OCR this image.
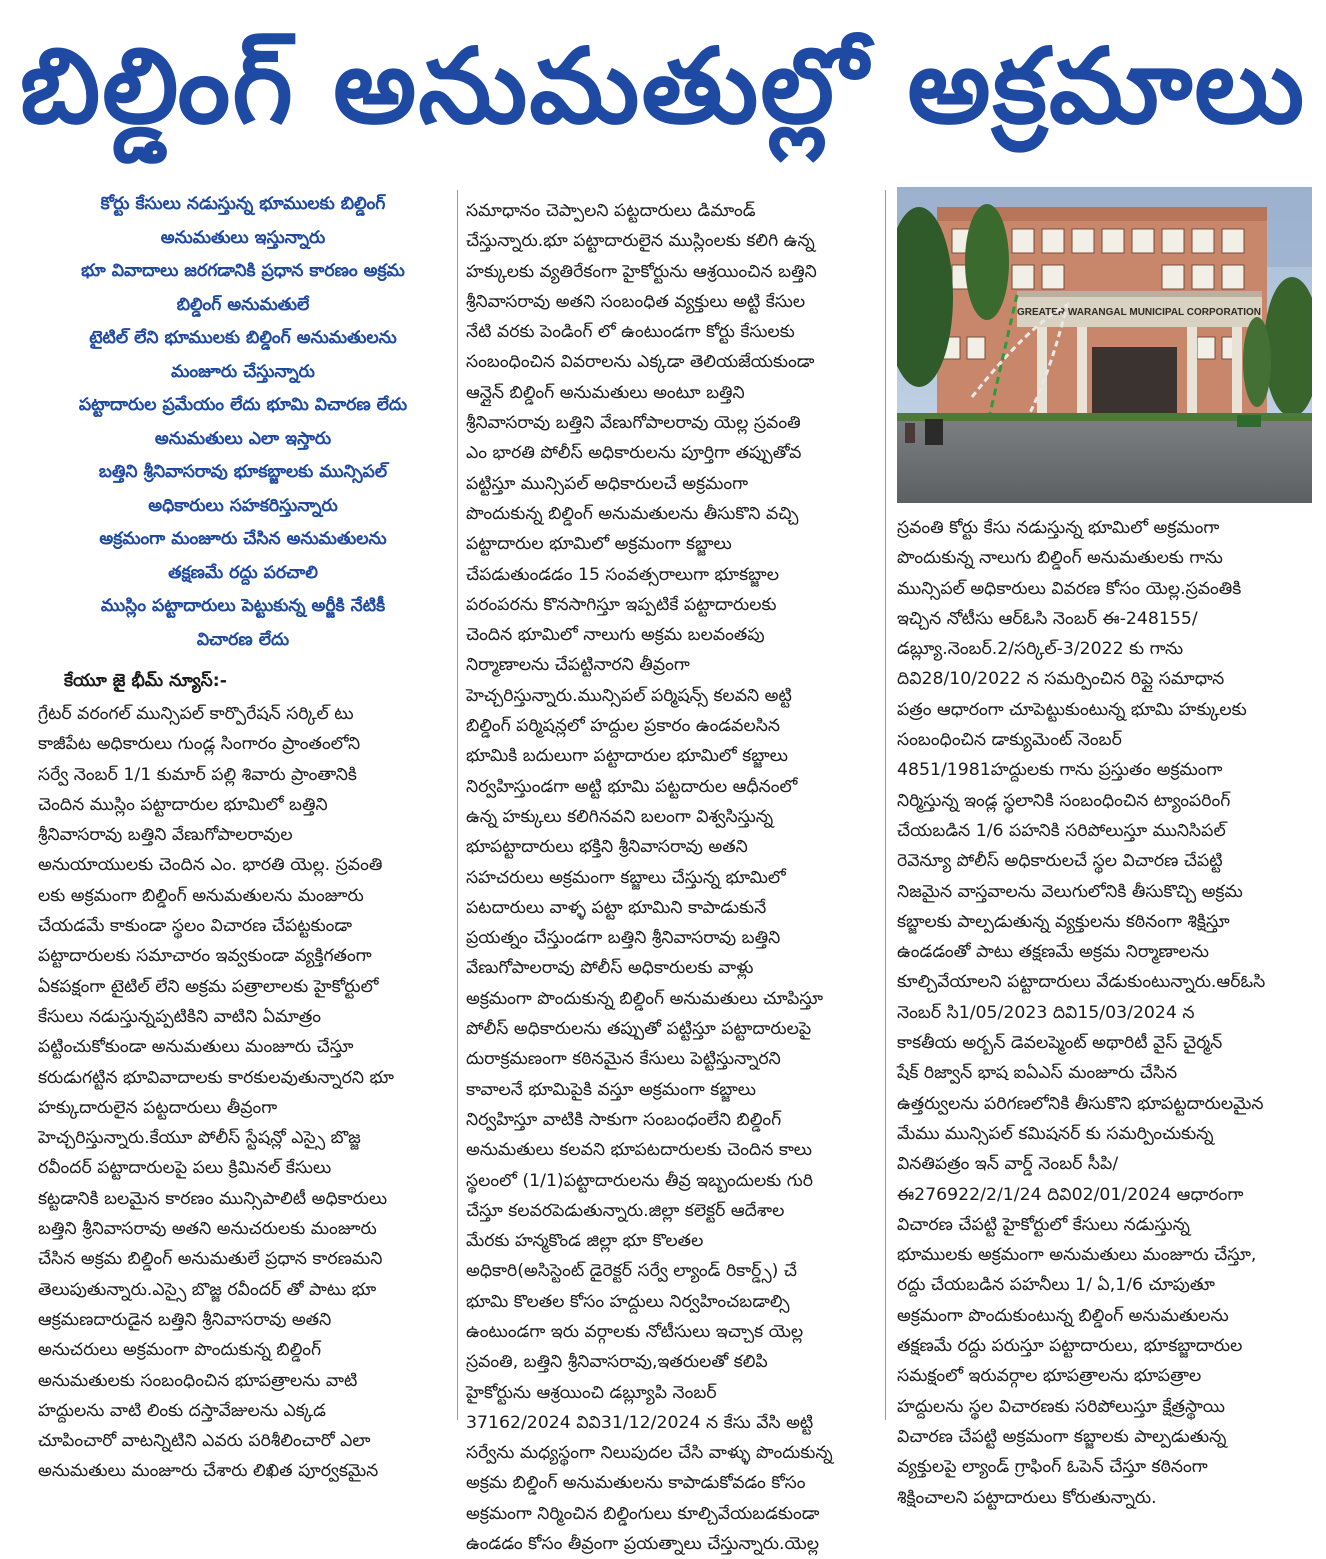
బిల్డింగ్ అనుమతుల్లో అక్రమాలు
కోర్టు కేసులు నడుస్తున్న భూములకు బిల్డింగ్
అనుమతులు ఇస్తున్నారు
భూ వివాదాలు జరగడానికి ప్రధాన కారణం అక్రమ
బిల్డింగ్ అనుమతులే
టైటిల్ లేని భూములకు బిల్డింగ్ అనుమతులను
మంజూరు చేస్తున్నారు
పట్టాదారుల ప్రమేయం లేదు భూమి విచారణ లేదు
అనుమతులు ఎలా ఇస్తారు
బత్తిని శ్రీనివాసరావు భూకబ్జాలకు మున్సిపల్
అధికారులు సహకరిస్తున్నారు
అక్రమంగా మంజూరు చేసిన అనుమతులను
తక్షణమే రద్దు పరచాలి
ముస్లిం పట్టాదారులు పెట్టుకున్న అర్జీకి నేటికీ
విచారణ లేదు
కేయూ జై భీమ్ న్యూస్:-

గ్రేటర్ వరంగల్ మున్సిపల్ కార్పొరేషన్ సర్కిల్ టు
కాజీపేట అధికారులు గుండ్ల సింగారం ప్రాంతంలోని
సర్వే నెంబర్ 1/1 కుమార్ పల్లి శివారు ప్రాంతానికి
చెందిన ముస్లిం పట్టాదారుల భూమిలో బత్తిని
శ్రీనివాసరావు బత్తిని వేణుగోపాలరావుల
అనుయాయులకు చెందిన ఎం. భారతి యెల్ల. స్రవంతి
లకు అక్రమంగా బిల్డింగ్ అనుమతులను మంజూరు
చేయడమే కాకుండా స్థలం విచారణ చేపట్టకుండా
పట్టాదారులకు సమాచారం ఇవ్వకుండా వ్యక్తిగతంగా
ఏకపక్షంగా టైటిల్ లేని అక్రమ పత్రాలాలకు హైకోర్టులో
కేసులు నడుస్తున్నప్పటికిని వాటిని ఏమాత్రం
పట్టించుకోకుండా అనుమతులు మంజూరు చేస్తూ
కరుడుగట్టిన భూవివాదాలకు కారకులవుతున్నారని భూ
హక్కుదారులైన పట్టదారులు తీవ్రంగా
హెచ్చరిస్తున్నారు.కేయూ పోలీస్ స్టేషన్లో ఎస్సై బొజ్జ
రవీందర్ పట్టాదారులపై పలు క్రిమినల్ కేసులు
కట్టడానికి బలమైన కారణం మున్సిపాలిటీ అధికారులు
బత్తిని శ్రీనివాసరావు అతని అనుచరులకు మంజూరు
చేసిన అక్రమ బిల్డింగ్ అనుమతులే ప్రధాన కారణమని
తెలుపుతున్నారు.ఎస్సై బొజ్జ రవీందర్ తో పాటు భూ
ఆక్రమణదారుడైన బత్తిని శ్రీనివాసరావు అతని
అనుచరులు అక్రమంగా పొందుకున్న బిల్డింగ్
అనుమతులకు సంబంధించిన భూపత్రాలను వాటి
హద్దులను వాటి లింకు దస్తావేజులను ఎక్కడ
చూపించారో వాటన్నిటిని ఎవరు పరిశీలించారో ఎలా
అనుమతులు మంజూరు చేశారు లిఖిత పూర్వకమైన

సమాధానం చెప్పాలని పట్టదారులు డిమాండ్
చేస్తున్నారు.భూ పట్టాదారులైన ముస్లింలకు కలిగి ఉన్న
హక్కులకు వ్యతిరేకంగా హైకోర్టును ఆశ్రయించిన బత్తిని
శ్రీనివాసరావు అతని సంబంధిత వ్యక్తులు అట్టి కేసుల
నేటి వరకు పెండింగ్ లో ఉంటుండగా కోర్టు కేసులకు
సంబంధించిన వివరాలను ఎక్కడా తెలియజేయకుండా
ఆన్లైన్ బిల్డింగ్ అనుమతులు అంటూ బత్తిని
శ్రీనివాసరావు బత్తిని వేణుగోపాలరావు యెల్ల స్రవంతి
ఎం భారతి పోలీస్ అధికారులను పూర్తిగా తప్పుతోవ
పట్టిస్తూ మున్సిపల్ అధికారులచే అక్రమంగా
పొందుకున్న బిల్డింగ్ అనుమతులను తీసుకొని వచ్చి
పట్టాదారుల భూమిలో అక్రమంగా కబ్జాలు
చేపడుతుండడం 15 సంవత్సరాలుగా భూకబ్జాల
పరంపరను కొనసాగిస్తూ ఇప్పటికే పట్టాదారులకు
చెందిన భూమిలో నాలుగు అక్రమ బలవంతపు
నిర్మాణాలను చేపట్టినారని తీవ్రంగా
హెచ్చరిస్తున్నారు.మున్సిపల్ పర్మిషన్స్ కలవని అట్టి
బిల్డింగ్ పర్మిషన్లలో హద్దుల ప్రకారం ఉండవలసిన
భూమికి బదులుగా పట్టాదారుల భూమిలో కబ్జాలు
నిర్వహిస్తుండగా అట్టి భూమి పట్టదారుల ఆధీనంలో
ఉన్న హక్కులు కలిగినవని బలంగా విశ్వసిస్తున్న
భూపట్టాదారులు భక్తిని శ్రీనివాసరావు అతని
సహచరులు అక్రమంగా కబ్జాలు చేస్తున్న భూమిలో
పటదారులు వాళ్ళ పట్టా భూమిని కాపాడుకునే
ప్రయత్నం చేస్తుండగా బత్తిని శ్రీనివాసరావు బత్తిని
వేణుగోపాలరావు పోలీస్ అధికారులకు వాళ్లు
అక్రమంగా పొందుకున్న బిల్డింగ్ అనుమతులు చూపిస్తూ
పోలీస్ అధికారులను తప్పుతో పట్టిస్తూ పట్టాదారులపై
దురాక్రమణంగా కఠినమైన కేసులు పెట్టిస్తున్నారని
కావాలనే భూమిపైకి వస్తూ అక్రమంగా కబ్జాలు
నిర్వహిస్తూ వాటికి సాకుగా సంబంధంలేని బిల్డింగ్
అనుమతులు కలవని భూపటదారులకు చెందిన కాలు
స్థలంలో (1/1)పట్టాదారులను తీవ్ర ఇబ్బందులకు గురి
చేస్తూ కలవరపెడుతున్నారు.జిల్లా కలెక్టర్ ఆదేశాల
మేరకు హన్మకొండ జిల్లా భూ కొలతల
అధికారి(అసిస్టెంట్ డైరెక్టర్ సర్వే ల్యాండ్ రికార్డ్స్) చే
భూమి కొలతల కోసం హద్దులు నిర్వహించబడాల్సి
ఉంటుండగా ఇరు వర్గాలకు నోటీసులు ఇచ్చాక యెల్ల
స్రవంతి, బత్తిని శ్రీనివాసరావు,ఇతరులతో కలిపి
హైకోర్టును ఆశ్రయించి డబ్ల్యూపి నెంబర్
37162/2024 వివి31/12/2024 న కేసు వేసి అట్టి
సర్వేను మధ్యస్థంగా నిలుపుదల చేసి వాళ్ళు పొందుకున్న
అక్రమ బిల్డింగ్ అనుమతులను కాపాడుకోవడం కోసం
అక్రమంగా నిర్మించిన బిల్డింగులు కూల్చివేయబడకుండా
ఉండడం కోసం తీవ్రంగా ప్రయత్నాలు చేస్తున్నారు.యెల్ల

GREATER WARANGAL MUNICIPAL CORPORATION

స్రవంతి కోర్టు కేసు నడుస్తున్న భూమిలో అక్రమంగా
పొందుకున్న నాలుగు బిల్డింగ్ అనుమతులకు గాను
మున్సిపల్ అధికారులు వివరణ కోసం యెల్ల.స్రవంతికి
ఇచ్చిన నోటీసు ఆర్ఓసి నెంబర్ ఈ-248155/
డబ్ల్యూ.నెంబర్.2/సర్కిల్-3/2022 కు గాను
దివి28/10/2022 న సమర్పించిన రిప్లై సమాధాన
పత్రం ఆధారంగా చూపెట్టుకుంటున్న భూమి హక్కులకు
సంబంధించిన డాక్యుమెంట్ నెంబర్
4851/1981హద్దులకు గాను ప్రస్తుతం అక్రమంగా
నిర్మిస్తున్న ఇండ్ల స్థలానికి సంబంధించిన ట్యాంపరింగ్
చేయబడిన 1/6 పహనికి సరిపోలుస్తూ మునిసిపల్
రెవెన్యూ పోలీస్ అధికారులచే స్థల విచారణ చేపట్టి
నిజమైన వాస్తవాలను వెలుగులోనికి తీసుకొచ్చి అక్రమ
కబ్జాలకు పాల్పడుతున్న వ్యక్తులను కఠినంగా శిక్షిస్తూ
ఉండడంతో పాటు తక్షణమే అక్రమ నిర్మాణాలను
కూల్చివేయాలని పట్టాదారులు వేడుకుంటున్నారు.ఆర్ఓసి
నెంబర్ సి1/05/2023 దివి15/03/2024 న
కాకతీయ అర్బన్ డెవలప్మెంట్ అథారిటీ వైస్ చైర్మన్
షేక్ రిజ్వాన్ భాష ఐఏఎస్ మంజూరు చేసిన
ఉత్తర్వులను పరిగణలోనికి తీసుకొని భూపట్టదారులమైన
మేము మున్సిపల్ కమిషనర్ కు సమర్పించుకున్న
వినతిపత్రం ఇన్ వార్డ్ నెంబర్ సీపి/
ఈ276922/2/1/24 దివి02/01/2024 ఆధారంగా
విచారణ చేపట్టి హైకోర్టులో కేసులు నడుస్తున్న
భూములకు అక్రమంగా అనుమతులు మంజూరు చేస్తూ,
రద్దు చేయబడిన పహనీలు 1/ ఏ,1/6 చూపుతూ
అక్రమంగా పొందుకుంటున్న బిల్డింగ్ అనుమతులను
తక్షణమే రద్దు పరుస్తూ పట్టాదారులు, భూకబ్జాదారుల
సమక్షంలో ఇరువర్గాల భూపత్రాలను భూపత్రాల
హద్దులను స్థల విచారణకు సరిపోలుస్తూ క్షేత్రస్థాయి
విచారణ చేపట్టి అక్రమంగా కబ్జాలకు పాల్పడుతున్న
వ్యక్తులపై ల్యాండ్ గ్రాఫింగ్ ఓపెన్ చేస్తూ కఠినంగా
శిక్షించాలని పట్టాదారులు కోరుతున్నారు.
